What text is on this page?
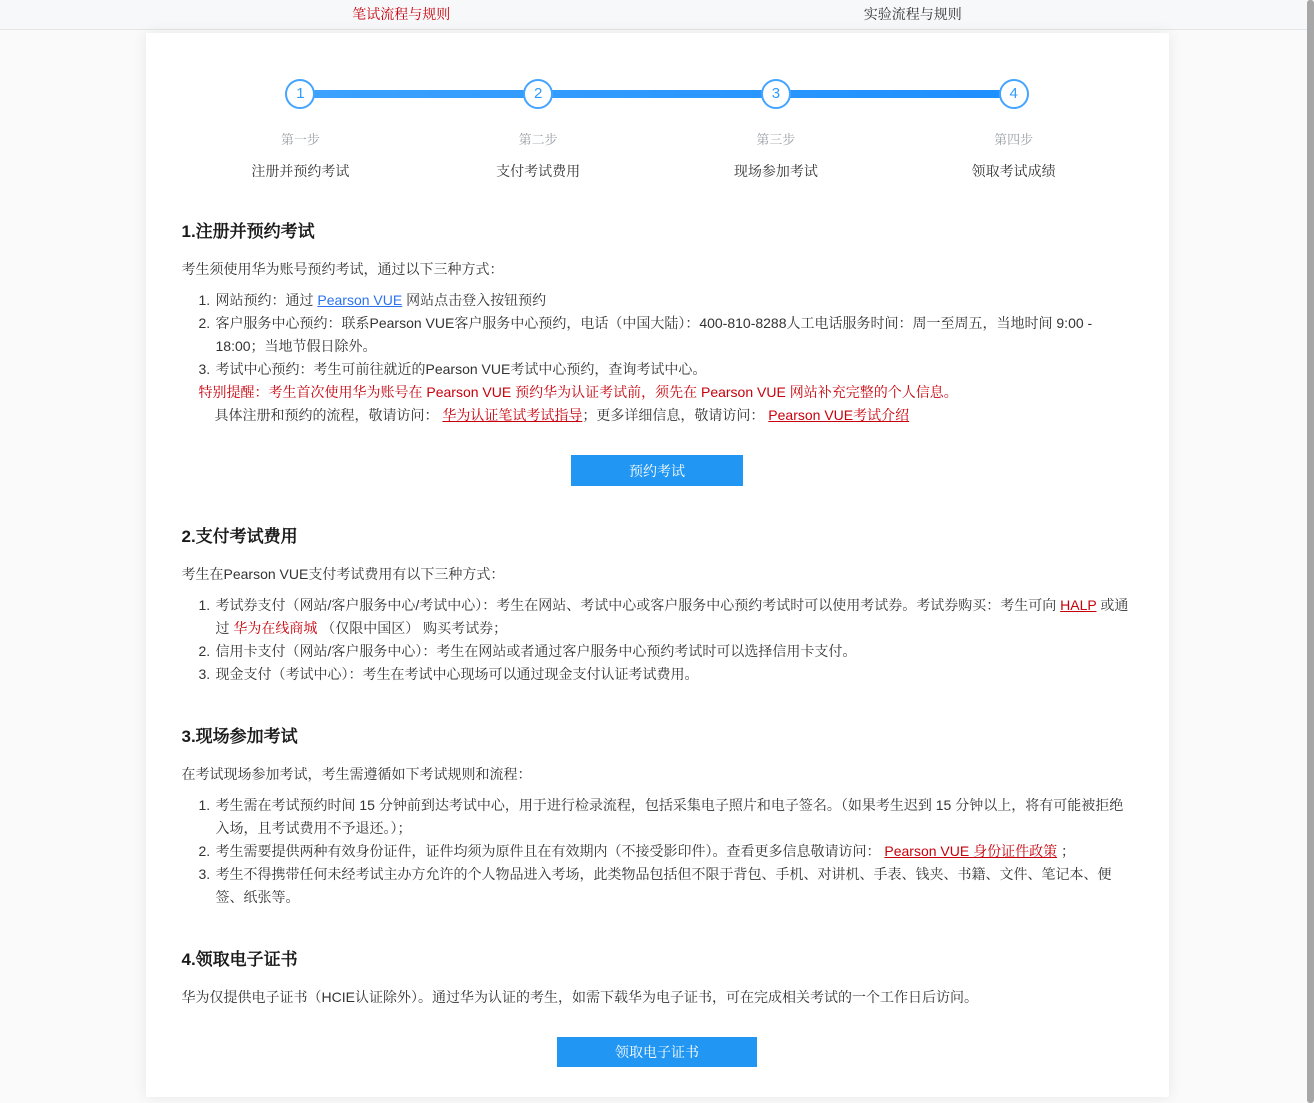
笔试流程与规则	实验流程与规则
1
第一步
注册并预约考试
2
第二步
支付考试费用
3
第三步
现场参加考试
4
第四步
领取考试成绩
1.注册并预约考试

考生须使用华为账号预约考试，通过以下三种方式：

1. 网站预约：通过 Pearson VUE 网站点击登入按钮预约
2. 客户服务中心预约：联系Pearson VUE客户服务中心预约，电话（中国大陆）：400-810-8288人工电话服务时间：周一至周五，当地时间 9:00 - 18:00；当地节假日除外。
3. 考试中心预约：考生可前往就近的Pearson VUE考试中心预约，查询考试中心。

特别提醒：考生首次使用华为账号在 Pearson VUE 预约华为认证考试前，须先在 Pearson VUE 网站补充完整的个人信息。

具体注册和预约的流程，敬请访问： 华为认证笔试考试指导；更多详细信息，敬请访问： Pearson VUE考试介绍

预约考试
2.支付考试费用

考生在Pearson VUE支付考试费用有以下三种方式：

1. 考试券支付（网站/客户服务中心/考试中心）：考生在网站、考试中心或客户服务中心预约考试时可以使用考试券。考试券购买：考生可向 HALP 或通过 华为在线商城 （仅限中国区） 购买考试券；
2. 信用卡支付（网站/客户服务中心）：考生在网站或者通过客户服务中心预约考试时可以选择信用卡支付。
3. 现金支付（考试中心）：考生在考试中心现场可以通过现金支付认证考试费用。
3.现场参加考试

在考试现场参加考试，考生需遵循如下考试规则和流程：

1. 考生需在考试预约时间 15 分钟前到达考试中心，用于进行检录流程，包括采集电子照片和电子签名。（如果考生迟到 15 分钟以上，将有可能被拒绝入场，且考试费用不予退还。）；
2. 考生需要提供两种有效身份证件，证件均须为原件且在有效期内（不接受影印件）。查看更多信息敬请访问： Pearson VUE 身份证件政策 ；
3. 考生不得携带任何未经考试主办方允许的个人物品进入考场，此类物品包括但不限于背包、手机、对讲机、手表、钱夹、书籍、文件、笔记本、便签、纸张等。
4.领取电子证书

华为仅提供电子证书（HCIE认证除外）。通过华为认证的考生，如需下载华为电子证书，可在完成相关考试的一个工作日后访问。

领取电子证书
